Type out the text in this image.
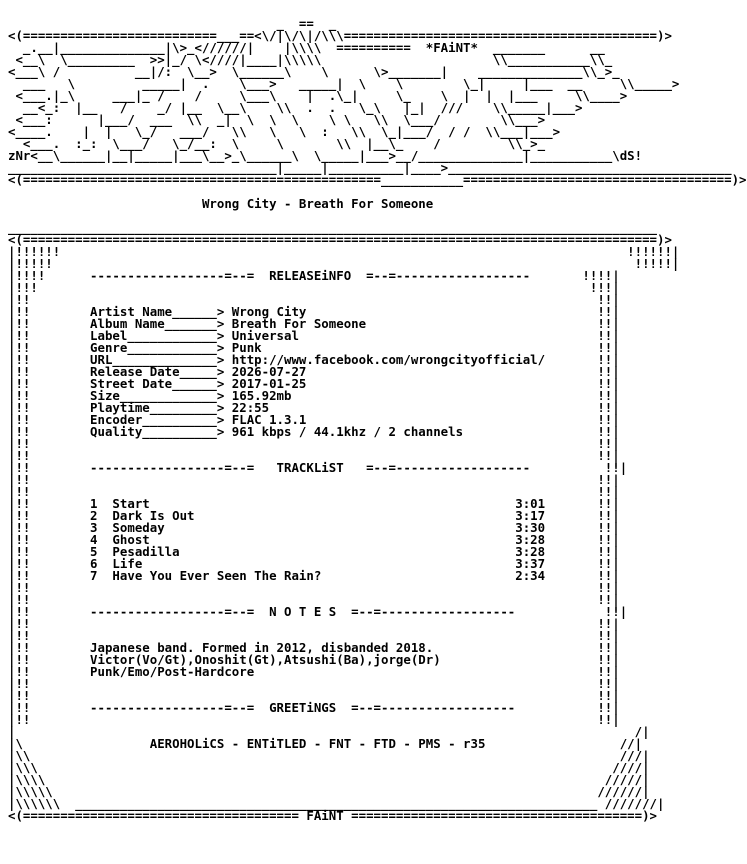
_  ==  _
<(==========================___==<\/|\/\|/\\\==========================================)>
_.__|______________|\>_<//////|    |\\\\  ==========  *FAiNT*  _______      __
<__\  \_________  >>|_/ \<////|____|\\\\\                       \\___________\\_
<___\ /          __|/:  \__>  \______\    \      \>_______|    ______________\\_>_
___   \         _____|  .    \___>   _____|  \    \        \_|     |___  __     \\_____>
<___.|_\     ___|_ /    /     \___\    |  .\_|     \_    \  |  |  |___     \\____>
__<_:  |__   /    _/ |__  \__\    \\  .  .   \_\   |_|  ///    \\_____|___>
<___:      |___/  ___  \\  _|  \  \  \    \ \   \\  \___/        \\___>
<____.    |  |   \_/   ___/   \\   \   \  :   \\  \_|___/  / /  \\___|___>
<___.  :_:  \___/   \_/__:  \     \       \\  |__\_    /         \\_>_
zNr<__\______|__|_____|___\__>_\______\  \_____|___>__/______________|___________\dS!
____________________________________|_____|__________|____>______________________________________
<(================================================___________====================================)>
Wrong City - Breath For Someone
_______________________________________________________________________________________
<(=====================================================================================)>
|!!!!!!                                                                            !!!!!!|
|!!!!!                                                                              !!!!!|
|!!!!      ------------------=--=  RELEASEiNFO  =--=------------------       !!!!|
|!!!                                                                          !!!|
|!!                                                                            !!|
|!!        Artist Name______> Wrong City                                       !!|
|!!        Album Name_______> Breath For Someone                               !!|
|!!        Label____________> Universal                                        !!|
|!!        Genre____________> Punk                                             !!|
|!!        URL______________> http://www.facebook.com/wrongcityofficial/       !!|
|!!        Release Date_____> 2026-07-27                                       !!|
|!!        Street Date______> 2017-01-25                                       !!|
|!!        Size_____________> 165.92mb                                         !!|
|!!        Playtime_________> 22:55                                            !!|
|!!        Encoder__________> FLAC 1.3.1                                       !!|
|!!        Quality__________> 961 kbps / 44.1khz / 2 channels                  !!|
|!!                                                                            !!|
|!!                                                                            !!|
|!!        ------------------=--=   TRACKLiST   =--=------------------          !!|
|!!                                                                            !!|
|!!                                                                            !!|
|!!        1  Start                                                 3:01       !!|
|!!        2  Dark Is Out                                           3:17       !!|
|!!        3  Someday                                               3:30       !!|
|!!        4  Ghost                                                 3:28       !!|
|!!        5  Pesadilla                                             3:28       !!|
|!!        6  Life                                                  3:37       !!|
|!!        7  Have You Ever Seen The Rain?                          2:34       !!|
|!!                                                                            !!|
|!!                                                                            !!|
|!!        ------------------=--=  N O T E S  =--=------------------            !!|
|!!                                                                            !!|
|!!                                                                            !!|
|!!        Japanese band. Formed in 2012, disbanded 2018.                      !!|
|!!        Victor(Vo/Gt),Onoshit(Gt),Atsushi(Ba),jorge(Dr)                     !!|
|!!        Punk/Emo/Post-Hardcore                                              !!|
|!!                                                                            !!|
|!!                                                                            !!|
|!!        ------------------=--=  GREETiNGS  =--=------------------           !!|
|!!                                                                            !!|
|                                                                                   /|
|\                 AEROHOLiCS - ENTiTLED - FNT - FTD - PMS - r35                  //|
|\\                                                                               ///|
|\\\                                                                             ////|
|\\\\                                                                           /////|
|\\\\\                                                                         //////|
|\\\\\\  ______________________________________________________________________ ///////|
<(===================================== FAiNT =======================================)>
